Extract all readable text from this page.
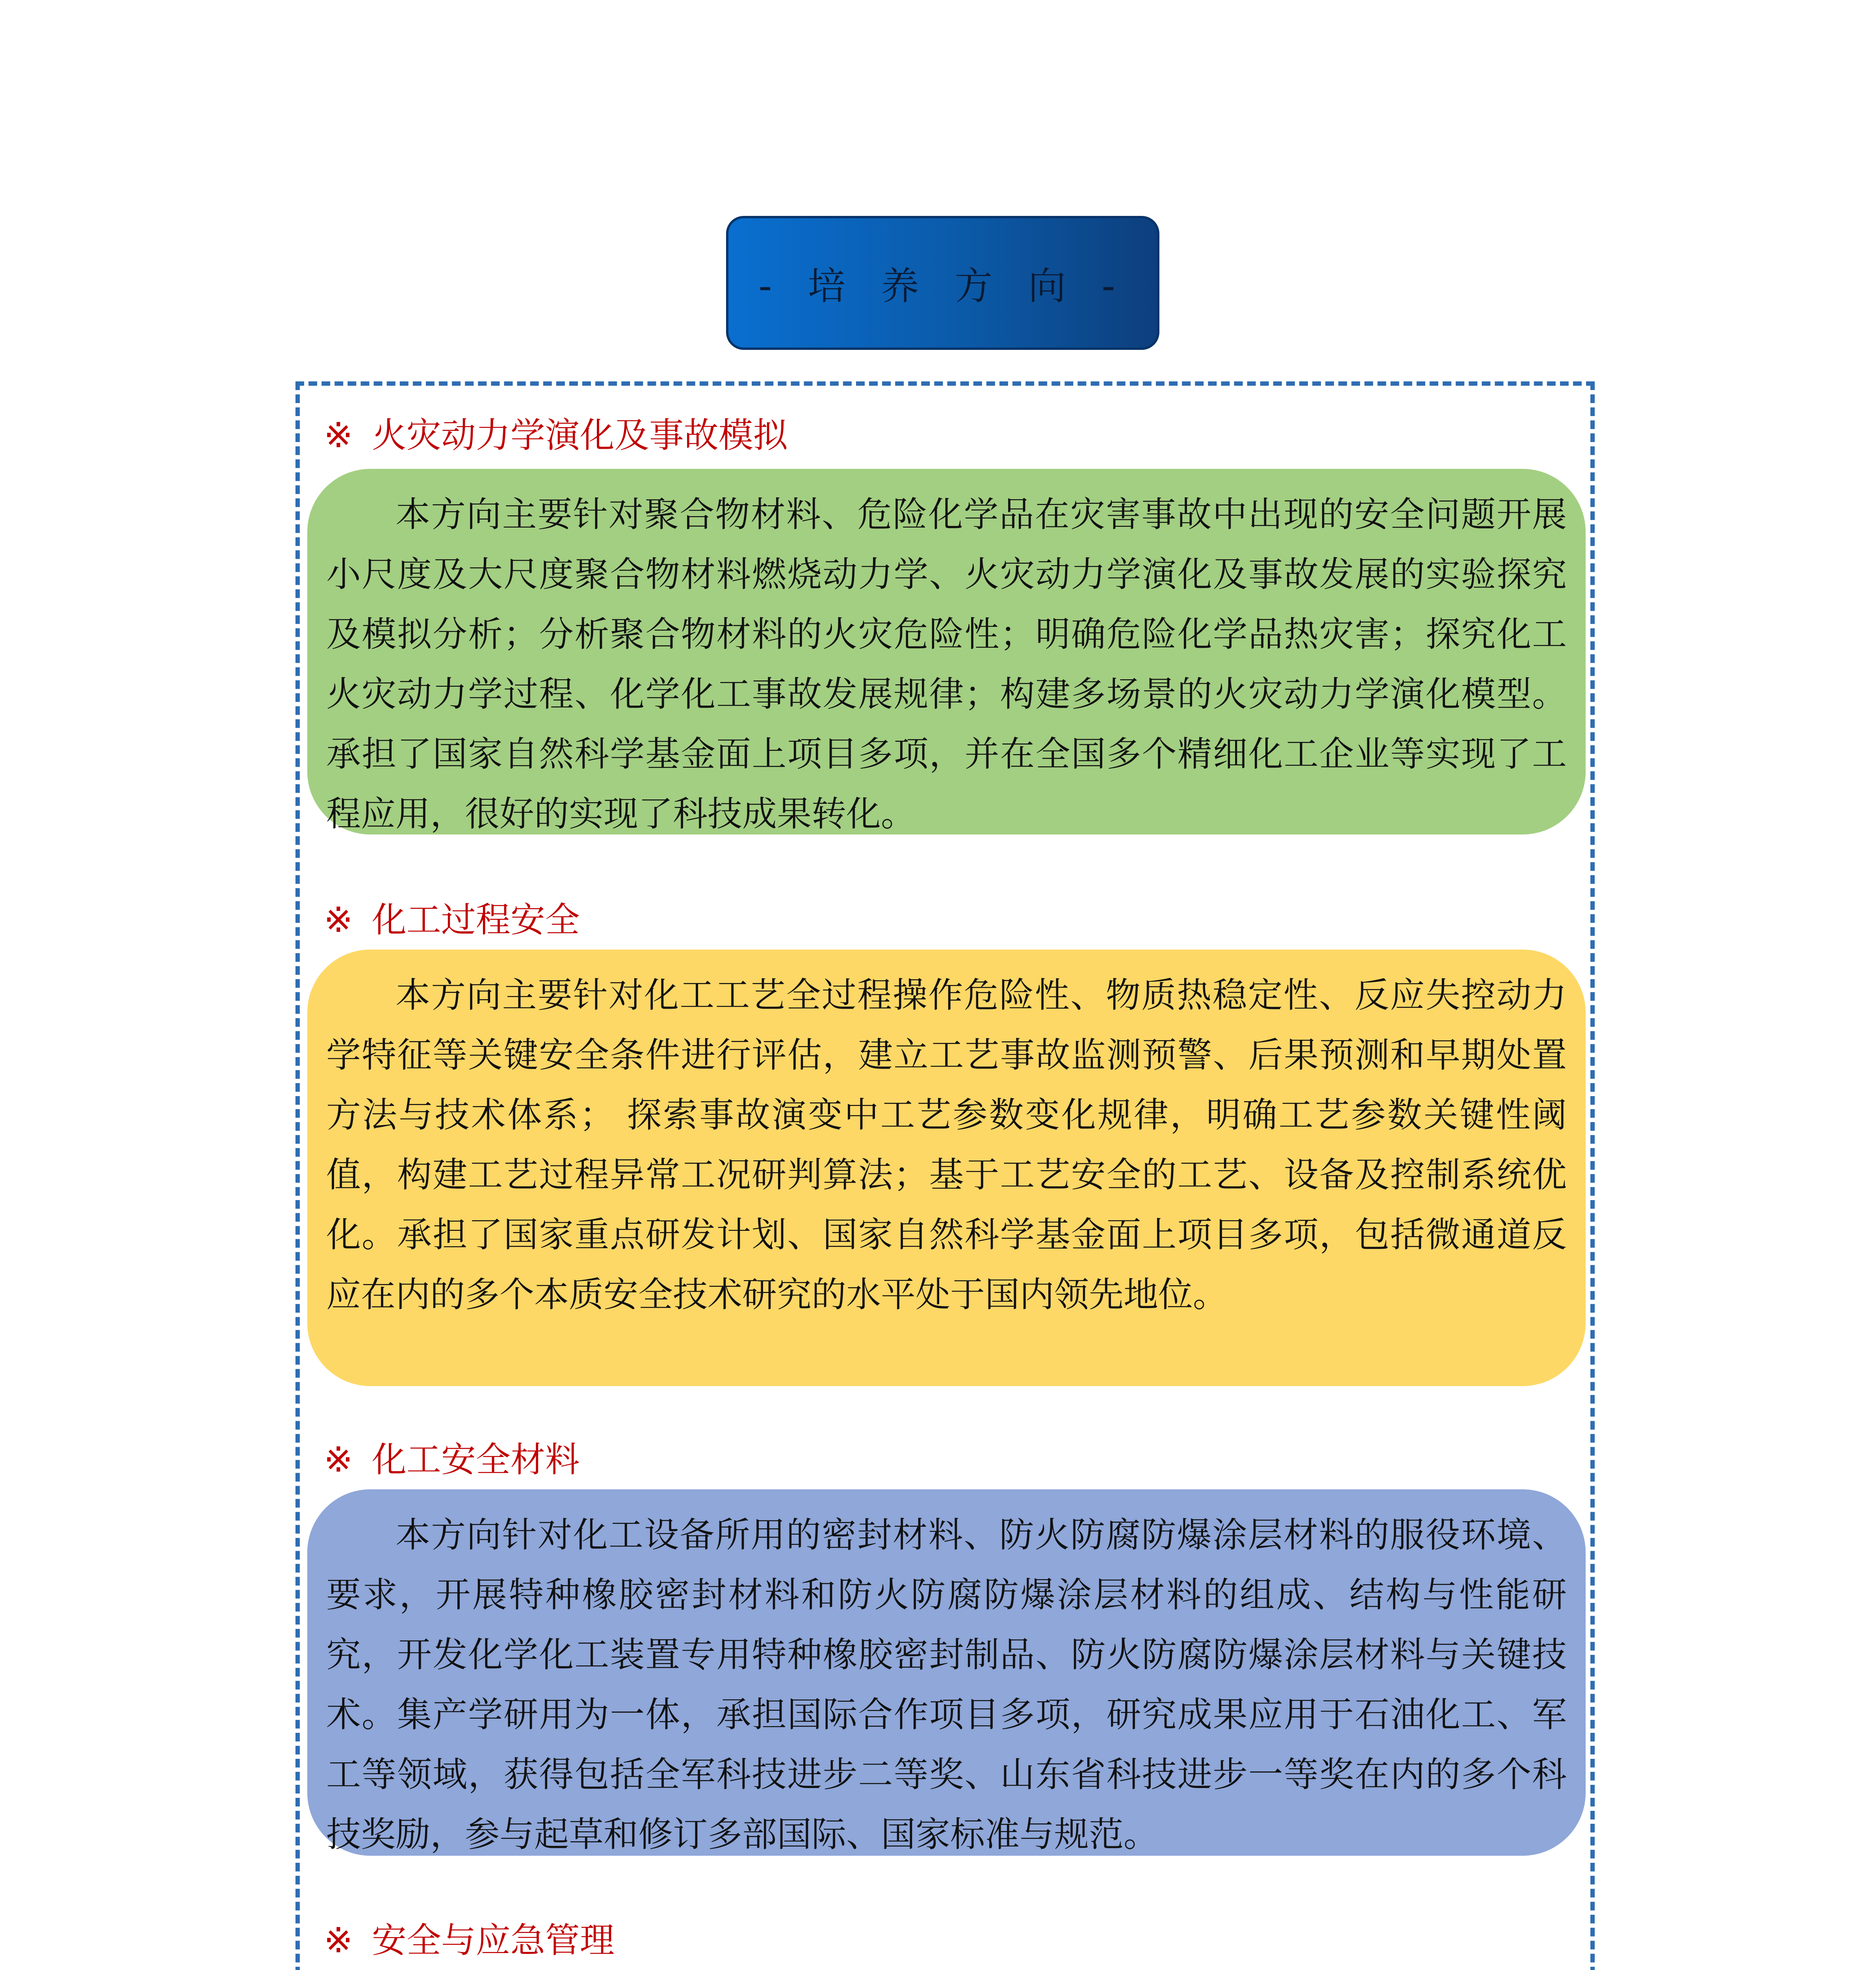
- 培 养 方 向 -
※ 火灾动力学演化及事故模拟

本方向主要针对聚合物材料、危险化学品在灾害事故中出现的安全问题开展小尺度及大尺度聚合物材料燃烧动力学、火灾动力学演化及事故发展的实验探究及模拟分析；分析聚合物材料的火灾危险性；明确危险化学品热灾害；探究化工火灾动力学过程、化学化工事故发展规律；构建多场景的火灾动力学演化模型。承担了国家自然科学基金面上项目多项，并在全国多个精细化工企业等实现了工程应用，很好的实现了科技成果转化。

※ 化工过程安全

本方向主要针对化工工艺全过程操作危险性、物质热稳定性、反应失控动力学特征等关键安全条件进行评估，建立工艺事故监测预警、后果预测和早期处置方法与技术体系； 探索事故演变中工艺参数变化规律，明确工艺参数关键性阈值，构建工艺过程异常工况研判算法；基于工艺安全的工艺、设备及控制系统优化。承担了国家重点研发计划、国家自然科学基金面上项目多项，包括微通道反应在内的多个本质安全技术研究的水平处于国内领先地位。

※ 化工安全材料

本方向针对化工设备所用的密封材料、防火防腐防爆涂层材料的服役环境、要求，开展特种橡胶密封材料和防火防腐防爆涂层材料的组成、结构与性能研究，开发化学化工装置专用特种橡胶密封制品、防火防腐防爆涂层材料与关键技术。集产学研用为一体，承担国际合作项目多项，研究成果应用于石油化工、军工等领域，获得包括全军科技进步二等奖、山东省科技进步一等奖在内的多个科技奖励，参与起草和修订多部国际、国家标准与规范。

※ 安全与应急管理
